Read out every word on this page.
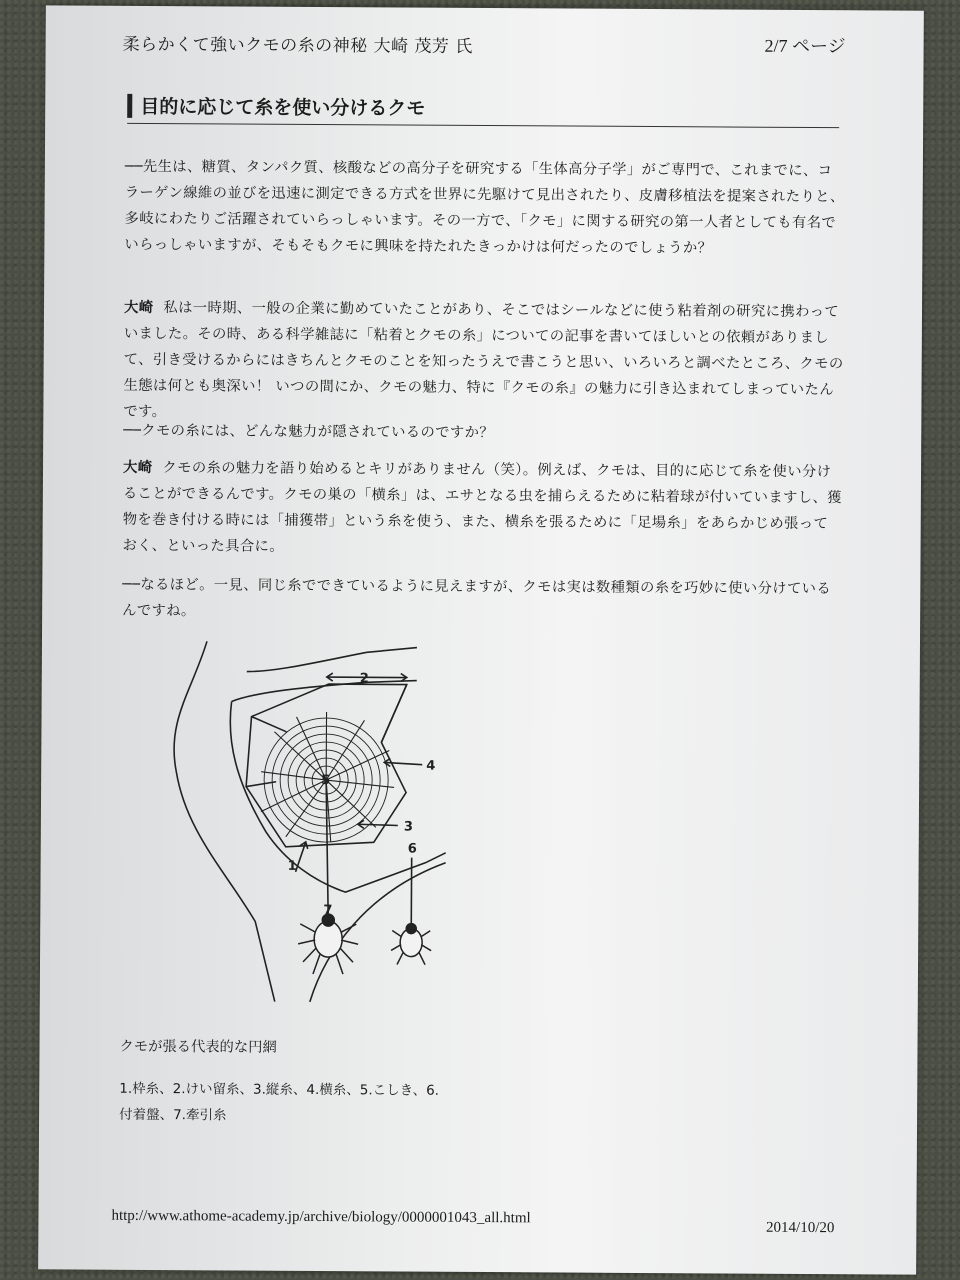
柔らかくて強いクモの糸の神秘 大崎 茂芳 氏	2/7 ページ
目的に応じて糸を使い分けるクモ

──先生は、糖質、タンパク質、核酸などの高分子を研究する「生体高分子学」がご専門で、これまでに、コラーゲン線維の並びを迅速に測定できる方式を世界に先駆けて見出されたり、皮膚移植法を提案されたりと、多岐にわたりご活躍されていらっしゃいます。その一方で、「クモ」に関する研究の第一人者としても有名でいらっしゃいますが、そもそもクモに興味を持たれたきっかけは何だったのでしょうか？

大崎 私は一時期、一般の企業に勤めていたことがあり、そこではシールなどに使う粘着剤の研究に携わっていました。その時、ある科学雑誌に「粘着とクモの糸」についての記事を書いてほしいとの依頼がありまして、引き受けるからにはきちんとクモのことを知ったうえで書こうと思い、いろいろと調べたところ、クモの生態は何とも奥深い！ いつの間にか、クモの魅力、特に『クモの糸』の魅力に引き込まれてしまっていたんです。

──クモの糸には、どんな魅力が隠されているのですか？

大崎 クモの糸の魅力を語り始めるとキリがありません（笑）。例えば、クモは、目的に応じて糸を使い分けることができるんです。クモの巣の「横糸」は、エサとなる虫を捕らえるために粘着球が付いていますし、獲物を巻き付ける時には「捕獲帯」という糸を使う、また、横糸を張るために「足場糸」をあらかじめ張っておく、といった具合に。

──なるほど。一見、同じ糸でできているように見えますが、クモは実は数種類の糸を巧妙に使い分けているんですね。

1
2
3
4
5
6
7
クモが張る代表的な円網
1.枠糸、2.けい留糸、3.縦糸、4.横糸、5.こしき、6.付着盤、7.牽引糸
http://www.athome-academy.jp/archive/biology/0000001043_all.html
2014/10/20
